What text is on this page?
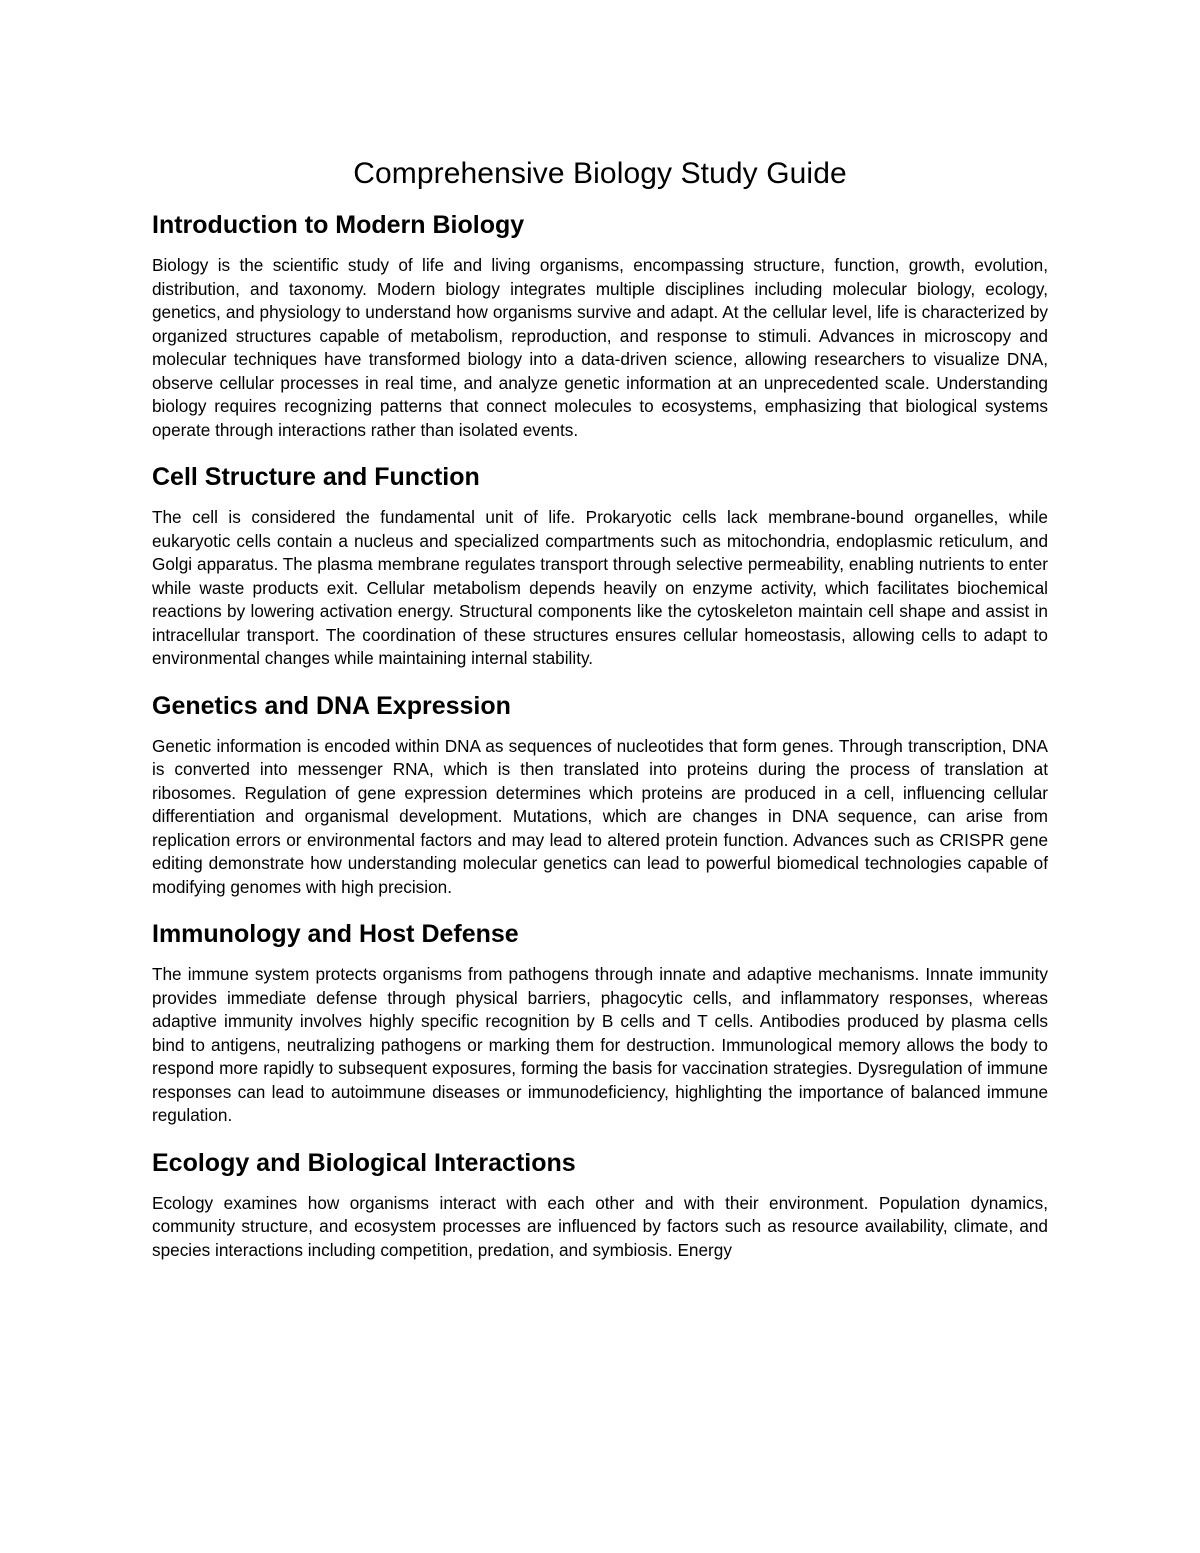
Comprehensive Biology Study Guide
Introduction to Modern Biology

Biology is the scientific study of life and living organisms, encompassing structure, function, growth, evolution, distribution, and taxonomy. Modern biology integrates multiple disciplines including molecular biology, ecology, genetics, and physiology to understand how organisms survive and adapt. At the cellular level, life is characterized by organized structures capable of metabolism, reproduction, and response to stimuli. Advances in microscopy and molecular techniques have transformed biology into a data-driven science, allowing researchers to visualize DNA, observe cellular processes in real time, and analyze genetic information at an unprecedented scale. Understanding biology requires recognizing patterns that connect molecules to ecosystems, emphasizing that biological systems operate through interactions rather than isolated events.

Cell Structure and Function

The cell is considered the fundamental unit of life. Prokaryotic cells lack membrane-bound organelles, while eukaryotic cells contain a nucleus and specialized compartments such as mitochondria, endoplasmic reticulum, and Golgi apparatus. The plasma membrane regulates transport through selective permeability, enabling nutrients to enter while waste products exit. Cellular metabolism depends heavily on enzyme activity, which facilitates biochemical reactions by lowering activation energy. Structural components like the cytoskeleton maintain cell shape and assist in intracellular transport. The coordination of these structures ensures cellular homeostasis, allowing cells to adapt to environmental changes while maintaining internal stability.

Genetics and DNA Expression

Genetic information is encoded within DNA as sequences of nucleotides that form genes. Through transcription, DNA is converted into messenger RNA, which is then translated into proteins during the process of translation at ribosomes. Regulation of gene expression determines which proteins are produced in a cell, influencing cellular differentiation and organismal development. Mutations, which are changes in DNA sequence, can arise from replication errors or environmental factors and may lead to altered protein function. Advances such as CRISPR gene editing demonstrate how understanding molecular genetics can lead to powerful biomedical technologies capable of modifying genomes with high precision.

Immunology and Host Defense

The immune system protects organisms from pathogens through innate and adaptive mechanisms. Innate immunity provides immediate defense through physical barriers, phagocytic cells, and inflammatory responses, whereas adaptive immunity involves highly specific recognition by B cells and T cells. Antibodies produced by plasma cells bind to antigens, neutralizing pathogens or marking them for destruction. Immunological memory allows the body to respond more rapidly to subsequent exposures, forming the basis for vaccination strategies. Dysregulation of immune responses can lead to autoimmune diseases or immunodeficiency, highlighting the importance of balanced immune regulation.

Ecology and Biological Interactions

Ecology examines how organisms interact with each other and with their environment. Population dynamics, community structure, and ecosystem processes are influenced by factors such as resource availability, climate, and species interactions including competition, predation, and symbiosis. Energy
